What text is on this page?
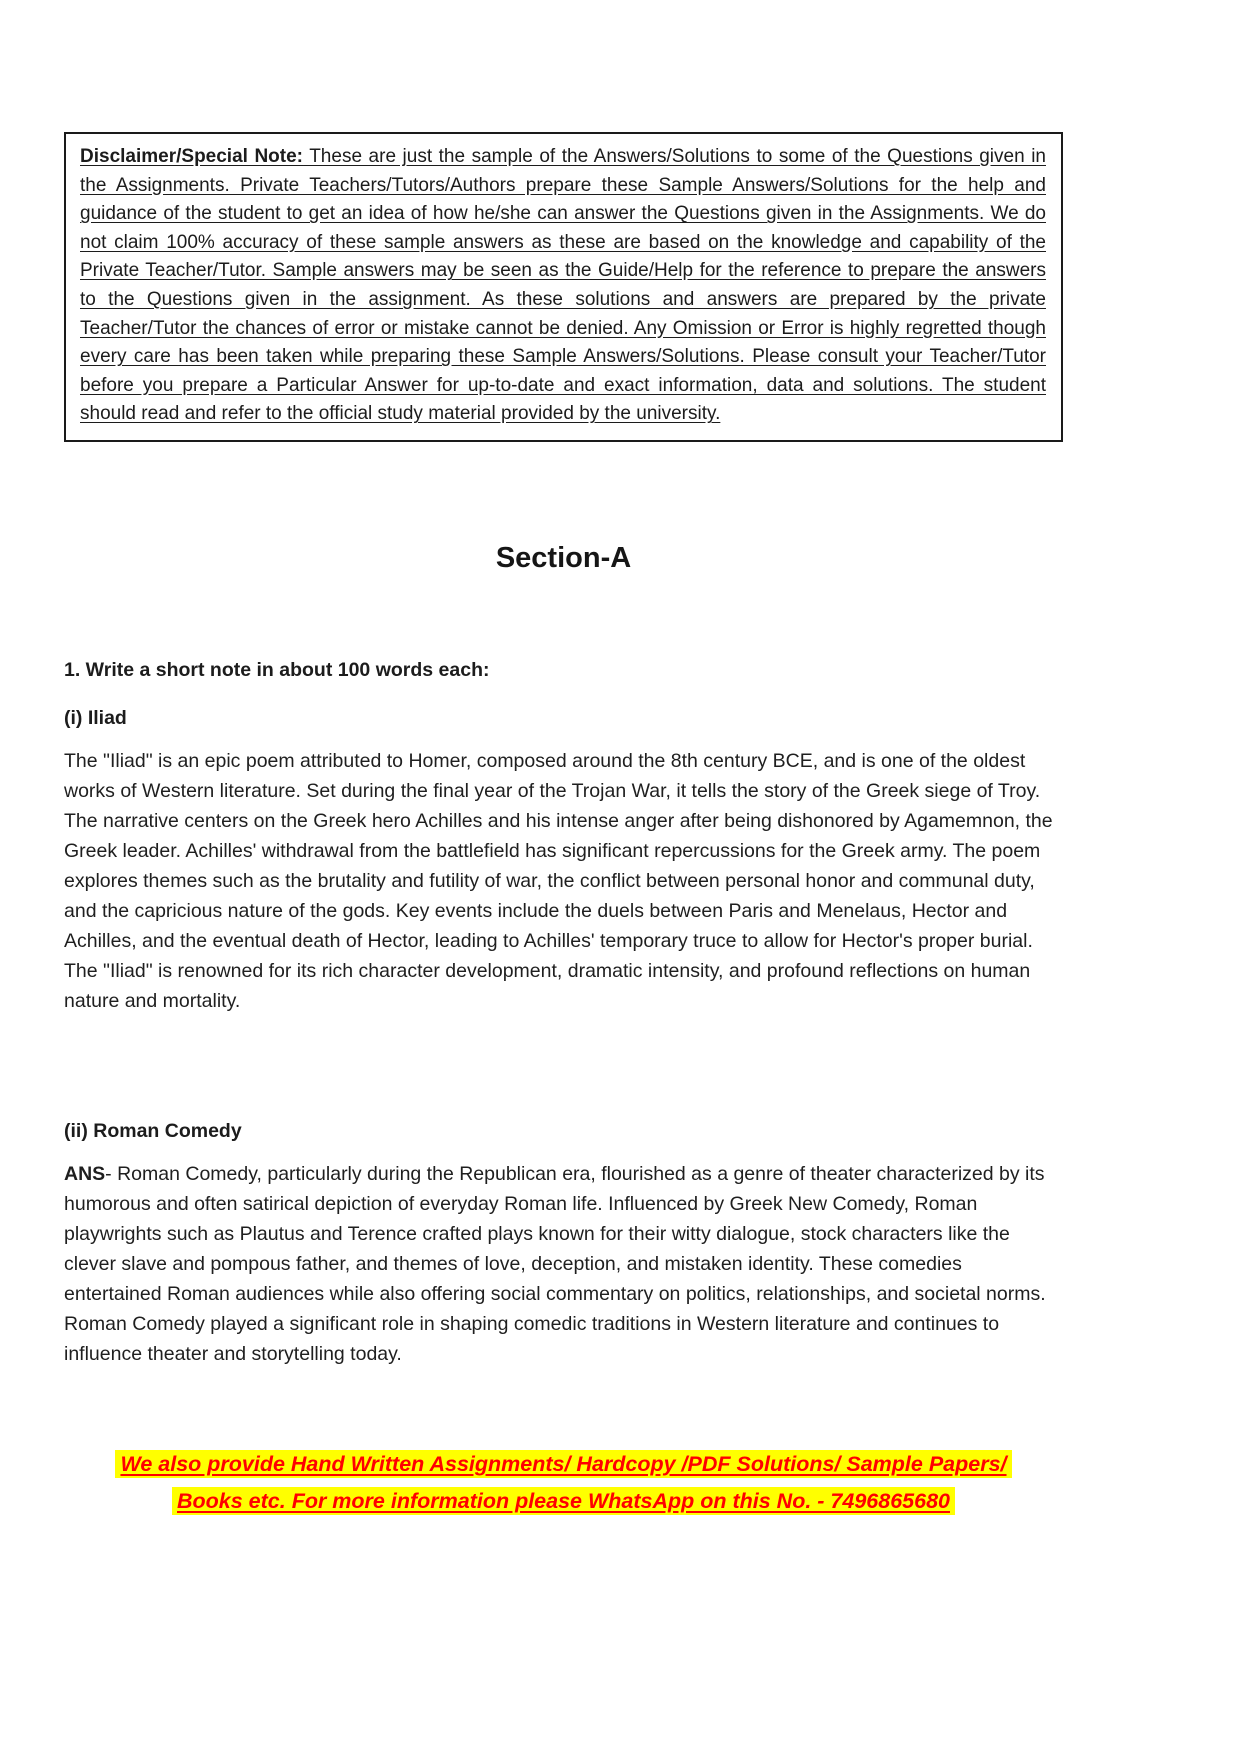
Disclaimer/Special Note: These are just the sample of the Answers/Solutions to some of the Questions given in the Assignments. Private Teachers/Tutors/Authors prepare these Sample Answers/Solutions for the help and guidance of the student to get an idea of how he/she can answer the Questions given in the Assignments. We do not claim 100% accuracy of these sample answers as these are based on the knowledge and capability of the Private Teacher/Tutor. Sample answers may be seen as the Guide/Help for the reference to prepare the answers to the Questions given in the assignment. As these solutions and answers are prepared by the private Teacher/Tutor the chances of error or mistake cannot be denied. Any Omission or Error is highly regretted though every care has been taken while preparing these Sample Answers/Solutions. Please consult your Teacher/Tutor before you prepare a Particular Answer for up-to-date and exact information, data and solutions. The student should read and refer to the official study material provided by the university.

Section-A

1. Write a short note in about 100 words each:

(i) Iliad

The "Iliad" is an epic poem attributed to Homer, composed around the 8th century BCE, and is one of the oldest works of Western literature. Set during the final year of the Trojan War, it tells the story of the Greek siege of Troy. The narrative centers on the Greek hero Achilles and his intense anger after being dishonored by Agamemnon, the Greek leader. Achilles' withdrawal from the battlefield has significant repercussions for the Greek army. The poem explores themes such as the brutality and futility of war, the conflict between personal honor and communal duty, and the capricious nature of the gods. Key events include the duels between Paris and Menelaus, Hector and Achilles, and the eventual death of Hector, leading to Achilles' temporary truce to allow for Hector's proper burial. The "Iliad" is renowned for its rich character development, dramatic intensity, and profound reflections on human nature and mortality.

(ii) Roman Comedy

ANS- Roman Comedy, particularly during the Republican era, flourished as a genre of theater characterized by its humorous and often satirical depiction of everyday Roman life. Influenced by Greek New Comedy, Roman playwrights such as Plautus and Terence crafted plays known for their witty dialogue, stock characters like the clever slave and pompous father, and themes of love, deception, and mistaken identity. These comedies entertained Roman audiences while also offering social commentary on politics, relationships, and societal norms. Roman Comedy played a significant role in shaping comedic traditions in Western literature and continues to influence theater and storytelling today.

We also provide Hand Written Assignments/ Hardcopy /PDF Solutions/ Sample Papers/
Books etc. For more information please WhatsApp on this No. - 7496865680
